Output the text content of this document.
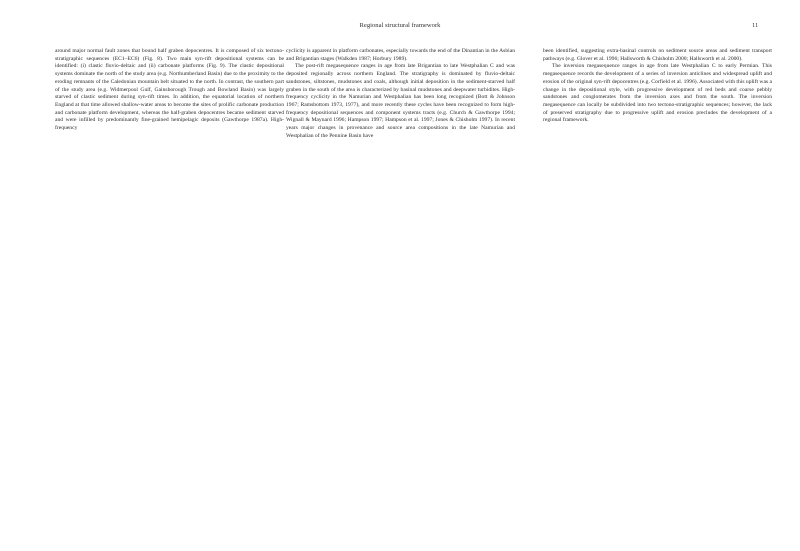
Regional structural framework	11

around major normal fault zones that bound half graben depocentres. It is composed of six tectono-stratigraphic sequences (EC1–EC6) (Fig. 8). Two main syn-rift depositional systems can be identified: (i) clastic fluvio-deltaic and (ii) carbonate platforms (Fig. 9). The clastic depositional systems dominate the north of the study area (e.g. Northumberland Basin) due to the proximity to the eroding remnants of the Caledonian mountain belt situated to the north. In contrast, the southern part of the study area (e.g. Widmerpool Gulf, Gainsborough Trough and Bowland Basin) was largely starved of clastic sediment during syn-rift times. In addition, the equatorial location of northern England at that time allowed shallow-water areas to become the sites of prolific carbonate production and carbonate platform development, whereas the half-graben depocentres became sediment starved and were infilled by predominantly fine-grained hemipelagic deposits (Gawthorpe 1987a). High-frequency

cyclicity is apparent in platform carbonates, especially towards the end of the Dinantian in the Asbian and Brigantian stages (Walkden 1987; Horbury 1989).

The post-rift megasequence ranges in age from late Brigantian to late Westphalian C and was deposited regionally across northern England. The stratigraphy is dominated by fluvio-deltaic sandstones, siltstones, mudstones and coals, although initial deposition in the sediment-starved half graben in the south of the area is characterized by basinal mudstones and deepwater turbidites. High-frequency cyclicity in the Namurian and Westphalian has been long recognized (Bott & Johnson 1967; Ramsbottom 1973, 1977), and more recently these cycles have been recognized to form high-frequency depositional sequences and component systems tracts (e.g. Church & Gawthorpe 1994; Wignall & Maynard 1996; Hampson 1997; Hampson et al. 1997; Jones & Chisholm 1997). In recent years major changes in provenance and source area compositions in the late Namurian and Westphalian of the Pennine Basin have

been identified, suggesting extra-basinal controls on sediment source areas and sediment transport pathways (e.g. Glover et al. 1996; Hallsworth & Chisholm 2000; Hallsworth et al. 2000).

The inversion megasequence ranges in age from late Westphalian C to early Permian. This megasequence records the development of a series of inversion anticlines and widespread uplift and erosion of the original syn-rift depocentres (e.g. Corfield et al. 1996). Associated with this uplift was a change in the depositional style, with progressive development of red beds and coarse pebbly sandstones and conglomerates from the inversion axes and from the south. The inversion megasequence can locally be subdivided into two tectono-stratigraphic sequences; however, the lack of preserved stratigraphy due to progressive uplift and erosion precludes the development of a regional framework.
